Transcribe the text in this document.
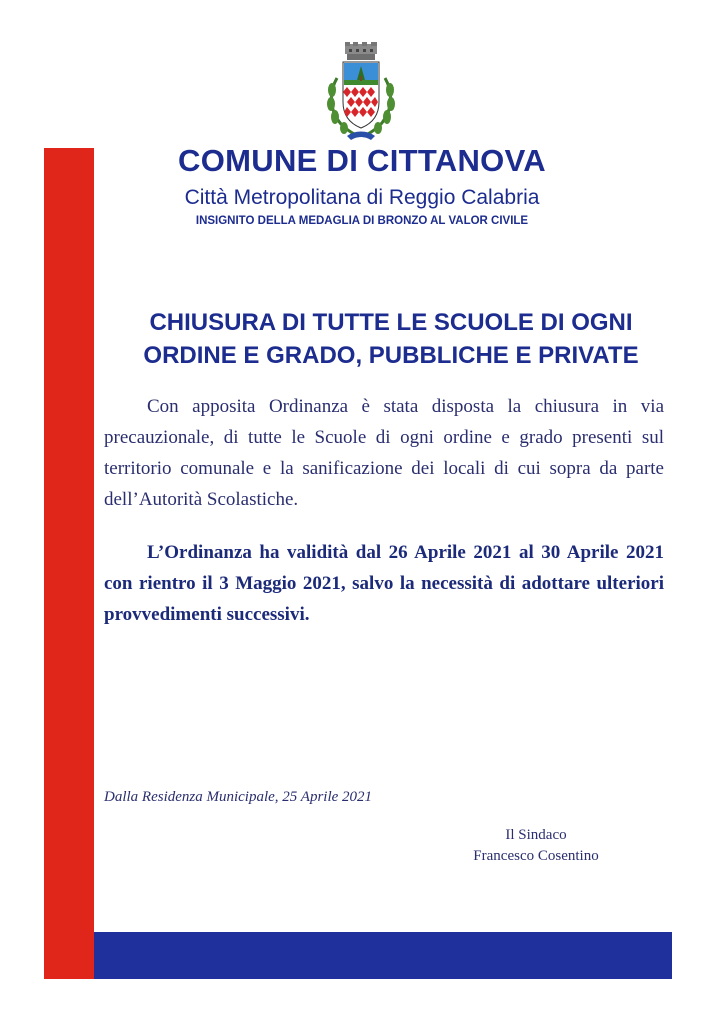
COMUNE DI CITTANOVA
Città Metropolitana di Reggio Calabria
INSIGNITO DELLA MEDAGLIA DI BRONZO AL VALOR CIVILE
CHIUSURA DI TUTTE LE SCUOLE DI OGNI
ORDINE E GRADO, PUBBLICHE E PRIVATE
Con apposita Ordinanza è stata disposta la chiusura in via precauzionale, di tutte le Scuole di ogni ordine e grado presenti sul territorio comunale e la sanificazione dei locali di cui sopra da parte dell’Autorità Scolastiche.
L’Ordinanza ha validità dal 26 Aprile 2021 al 30 Aprile 2021 con rientro il 3 Maggio 2021, salvo la necessità di adottare ulteriori provvedimenti successivi.
Dalla Residenza Municipale, 25 Aprile 2021
Il Sindaco
Francesco Cosentino
